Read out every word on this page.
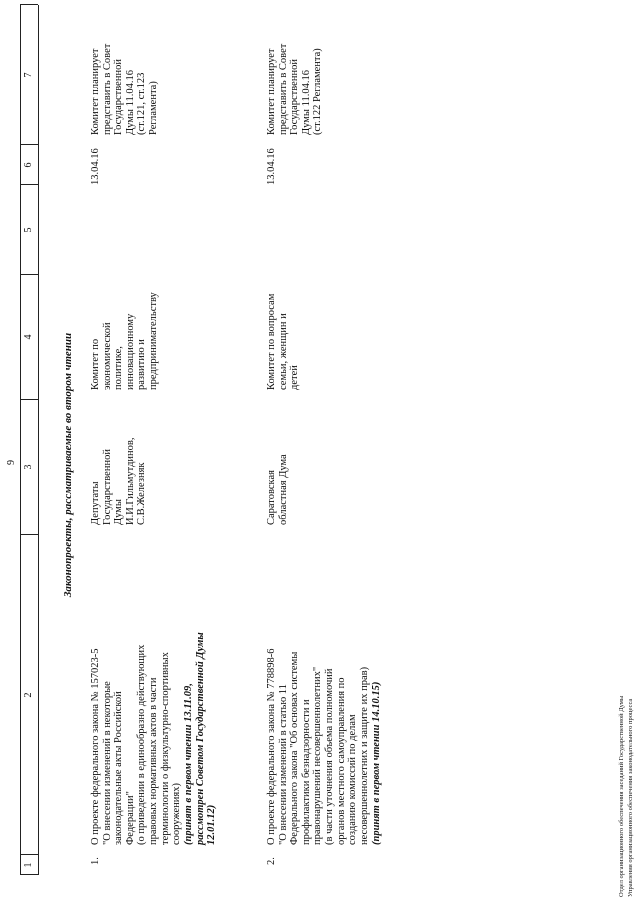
9
1
2
3
4
5
6
7
Законопроекты, рассматриваемые во втором чтении
1.
О проекте федерального закона № 157023-5
"О внесении изменений в некоторые
законодательные акты Российской
Федерации"
(о приведении в единообразно действующих
правовых нормативных актов в части
терминологии о физкультурно-спортивных
сооружениях) (принят в первом чтении 13.11.09,
рассмотрен Советом Государственной Думы
12.01.12)
Депутаты
Государственной
Думы
И.И.Гильмутдинов,
С.В.Железняк
Комитет по
экономической
политике,
инновационному
развитию и
предпринимательству
13.04.16
Комитет планирует
представить в Совет
Государственной
Думы 11.04.16
(ст.121, ст.123
Регламента)
2.
О проекте федерального закона № 778898-6
"О внесении изменений в статью 11
Федерального закона "Об основах системы
профилактики безнадзорности и
правонарушений несовершеннолетних"
(в части уточнения объема полномочий
органов местного самоуправления по
созданию комиссий по делам
несовершеннолетних и защите их прав)
(принят в первом чтении 14.10.15)
Саратовская
областная Дума
Комитет по вопросам
семьи, женщин и
детей
13.04.16
Комитет планирует
представить в Совет
Государственной
Думы 11.04.16
(ст.122 Регламента)
Отдел организационного обеспечения заседаний Государственной Думы Управления организационного обеспечения законодательного процесса
